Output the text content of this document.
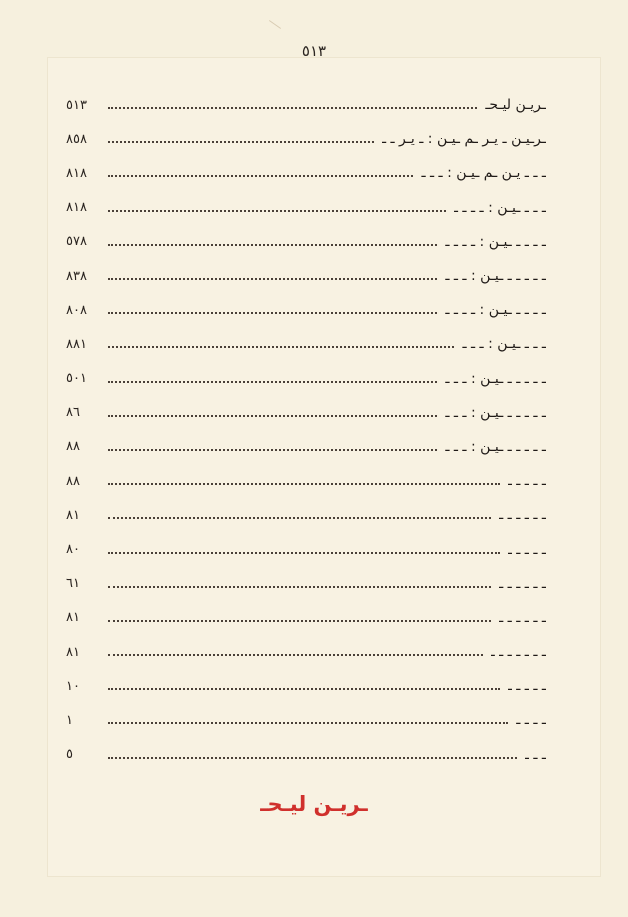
٥١٣
٥١٣	ـريـن ليـحـ
٨٥٨	ـرـيـن ـ يـر ـم ـيـن : ـ يـر ـ ـ
٨١٨	ـ ـ ـ يـن ـم ـيـن : ـ ـ ـ
٨١٨	ـ ـ ـ ـيـن : ـ ـ ـ ـ
٥٧٨	ـ ـ ـ ـ ـيـن : ـ ـ ـ ـ
٨٣٨	ـ ـ ـ ـ ـ ـيـن : ـ ـ ـ
٨٠٨	ـ ـ ـ ـ ـيـن : ـ ـ ـ ـ
٨٨١	ـ ـ ـ ـيـن : ـ ـ ـ
٥٠١	ـ ـ ـ ـ ـ ـيـن : ـ ـ ـ
٨٦	ـ ـ ـ ـ ـ ـيـن : ـ ـ ـ
٨٨	ـ ـ ـ ـ ـ ـيـن : ـ ـ ـ
٨٨	ـ ـ ـ ـ ـ
٨١	ـ ـ ـ ـ ـ ـ
٨٠	ـ ـ ـ ـ ـ
٦١	ـ ـ ـ ـ ـ ـ
٨١	ـ ـ ـ ـ ـ ـ
٨١	ـ ـ ـ ـ ـ ـ ـ
١٠	ـ ـ ـ ـ ـ
١	ـ ـ ـ ـ
٥	ـ ـ ـ
ـريـن ليـحـ
